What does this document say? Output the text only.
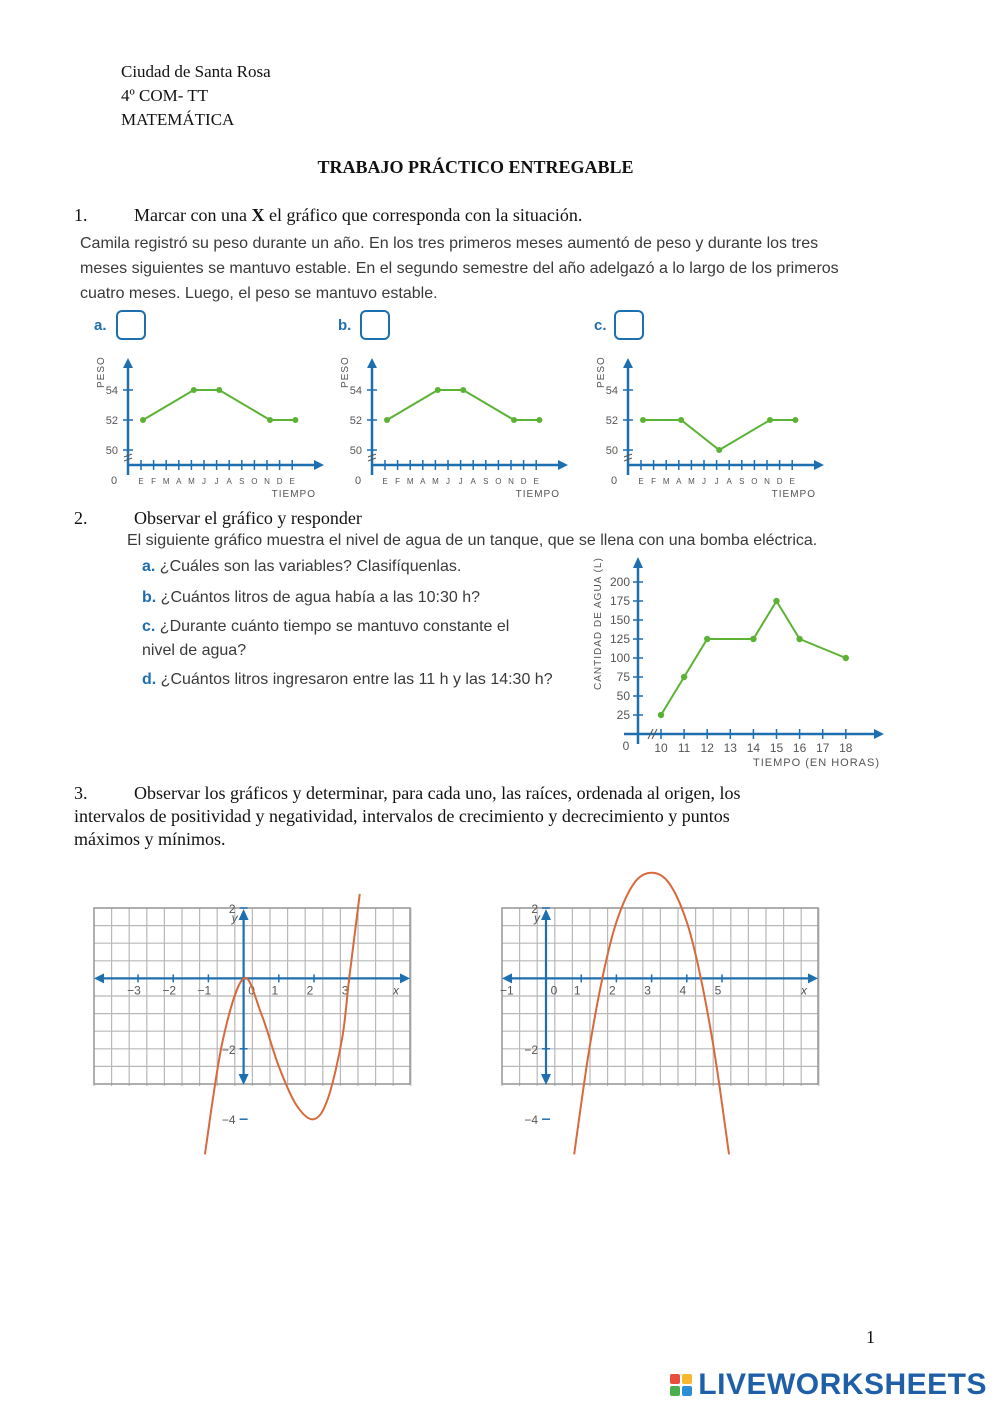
Ciudad de Santa Rosa
4º COM- TT
MATEMÁTICA
TRABAJO PRÁCTICO ENTREGABLE
1.	Marcar con una X el gráfico que corresponda con la situación.
Camila registró su peso durante un año. En los tres primeros meses aumentó de peso y durante los tres meses siguientes se mantuvo estable. En el segundo semestre del año adelgazó a lo largo de los primeros cuatro meses. Luego, el peso se mantuvo estable.
a.	b.	c.
PESO
54
52
50
0	E F M A M J J A S O N D E
TIEMPO
PESO
54
52
50
0	E F M A M J J A S O N D E
TIEMPO
PESO
54
52
50
0	E F M A M J J A S O N D E
TIEMPO
2.	Observar el gráfico y responder
El siguiente gráfico muestra el nivel de agua de un tanque, que se llena con una bomba eléctrica.
a. ¿Cuáles son las variables? Clasifíquenlas.
b. ¿Cuántos litros de agua había a las 10:30 h?
c. ¿Durante cuánto tiempo se mantuvo constante el
nivel de agua?
d. ¿Cuántos litros ingresaron entre las 11 h y las 14:30 h?	CANTIDAD DE AGUA (L) 200
175
150
125
100
75
50
25
0 10 11 12 13 14 15 16 17 18
TIEMPO (EN HORAS)
3.	Observar los gráficos y determinar, para cada uno, las raíces, ordenada al origen, los
intervalos de positividad y negatividad, intervalos de crecimiento y decrecimiento y puntos
máximos y mínimos.
y
x
−3 −2 −1	0 1 2 3
2
−2
−4
y
x
−1	0 1 2 3 4 5
2
−2
−4
1
LIVEWORKSHEETS
